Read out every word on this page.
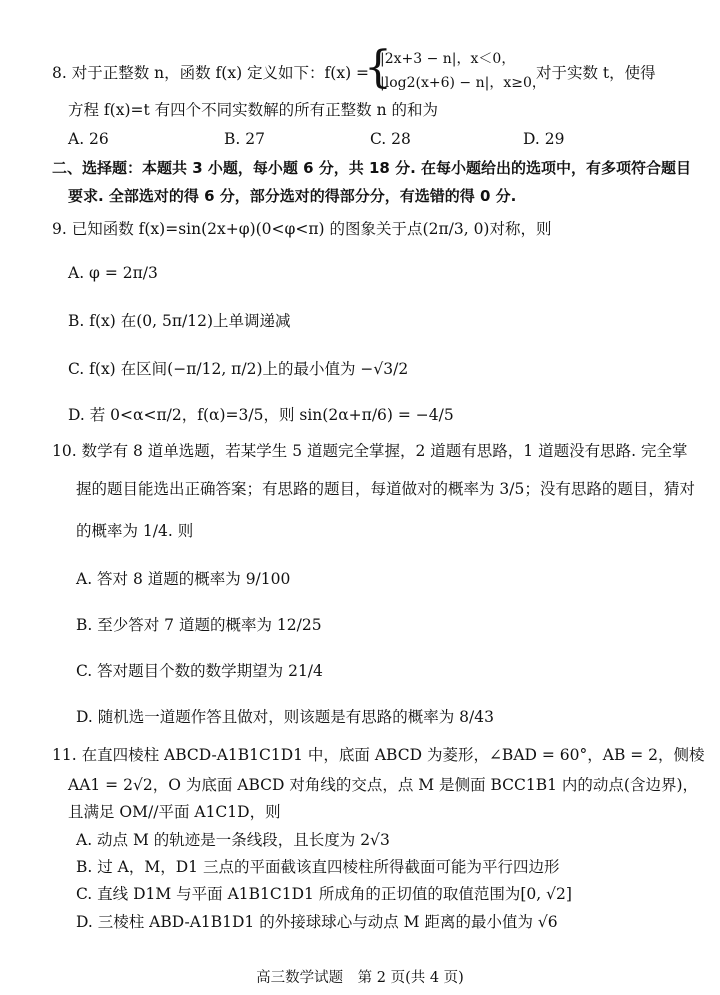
8. 对于正整数 n，函数 f(x) 定义如下：f(x) =
{
|2x+3 − n|，x＜0，
|log2(x+6) − n|，x≥0，
对于实数 t，使得
方程 f(x)=t 有四个不同实数解的所有正整数 n 的和为
A. 26	B. 27	C. 28	D. 29
二、选择题：本题共 3 小题，每小题 6 分，共 18 分. 在每小题给出的选项中，有多项符合题目
要求. 全部选对的得 6 分，部分选对的得部分分，有选错的得 0 分.
9. 已知函数 f(x)=sin(2x+φ)(0<φ<π) 的图象关于点(2π/3, 0)对称，则
A. φ = 2π/3
B. f(x) 在(0, 5π/12)上单调递减
C. f(x) 在区间(−π/12, π/2)上的最小值为 −√3/2
D. 若 0<α<π/2，f(α)=3/5，则 sin(2α+π/6) = −4/5
10. 数学有 8 道单选题，若某学生 5 道题完全掌握，2 道题有思路，1 道题没有思路. 完全掌
握的题目能选出正确答案；有思路的题目，每道做对的概率为 3/5；没有思路的题目，猜对
的概率为 1/4. 则
A. 答对 8 道题的概率为 9/100
B. 至少答对 7 道题的概率为 12/25
C. 答对题目个数的数学期望为 21/4
D. 随机选一道题作答且做对，则该题是有思路的概率为 8/43
11. 在直四棱柱 ABCD-A1B1C1D1 中，底面 ABCD 为菱形，∠BAD = 60°，AB = 2，侧棱
AA1 = 2√2，O 为底面 ABCD 对角线的交点，点 M 是侧面 BCC1B1 内的动点(含边界)，
且满足 OM//平面 A1C1D，则
A. 动点 M 的轨迹是一条线段，且长度为 2√3
B. 过 A，M，D1 三点的平面截该直四棱柱所得截面可能为平行四边形
C. 直线 D1M 与平面 A1B1C1D1 所成角的正切值的取值范围为[0, √2]
D. 三棱柱 ABD-A1B1D1 的外接球球心与动点 M 距离的最小值为 √6
高三数学试题　第 2 页(共 4 页)
